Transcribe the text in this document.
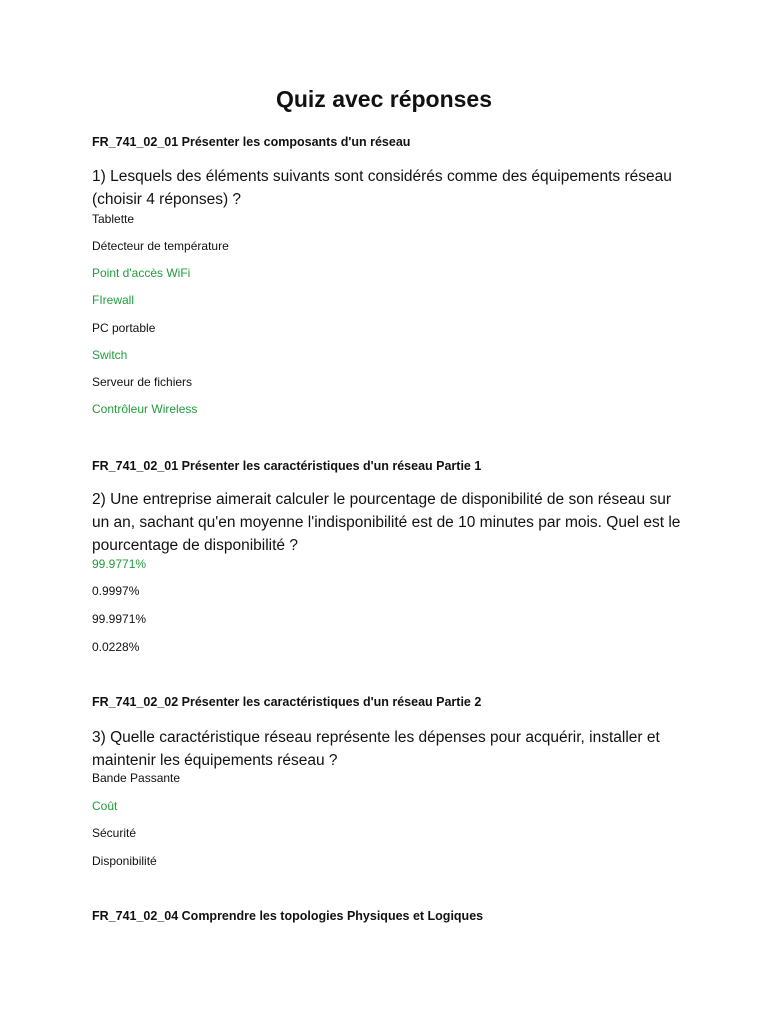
Quiz avec réponses

FR_741_02_01 Présenter les composants d'un réseau

1) Lesquels des éléments suivants sont considérés comme des équipements réseau (choisir 4 réponses) ?

Tablette

Détecteur de température

Point d'accès WiFi

FIrewall

PC portable

Switch

Serveur de fichiers

Contrôleur Wireless

FR_741_02_01 Présenter les caractéristiques d'un réseau Partie 1

2) Une entreprise aimerait calculer le pourcentage de disponibilité de son réseau sur un an, sachant qu'en moyenne l'indisponibilité est de 10 minutes par mois. Quel est le pourcentage de disponibilité ?

99.9771%

0.9997%

99.9971%

0.0228%

FR_741_02_02 Présenter les caractéristiques d'un réseau Partie 2

3) Quelle caractéristique réseau représente les dépenses pour acquérir, installer et maintenir les équipements réseau ?

Bande Passante

Coût

Sécurité

Disponibilité

FR_741_02_04 Comprendre les topologies Physiques et Logiques
